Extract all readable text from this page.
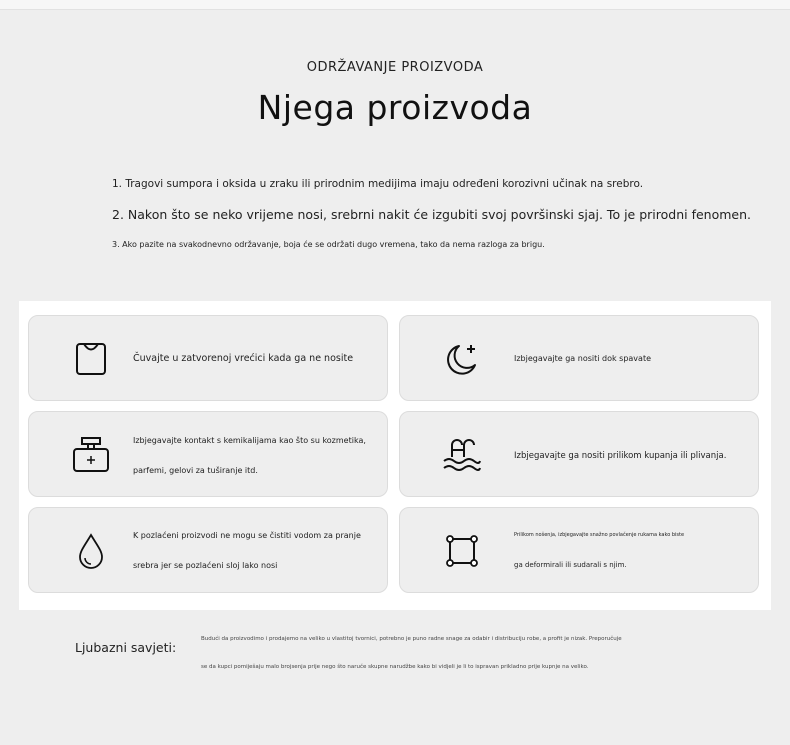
ODRŽAVANJE PROIZVODA
Njega proizvoda

1. Tragovi sumpora i oksida u zraku ili prirodnim medijima imaju određeni korozivni učinak na srebro.

2. Nakon što se neko vrijeme nosi, srebrni nakit će izgubiti svoj površinski sjaj. To je prirodni fenomen.

3. Ako pazite na svakodnevno održavanje, boja će se održati dugo vremena, tako da nema razloga za brigu.

Čuvajte u zatvorenoj vrećici kada ga ne nosite	Izbjegavajte ga nositi dok spavate
Izbjegavajte kontakt s kemikalijama kao što su kozmetika,
parfemi, gelovi za tuširanje itd.
Izbjegavajte ga nositi prilikom kupanja ili plivanja.
K pozlaćeni proizvodi ne mogu se čistiti vodom za pranje
srebra jer se pozlaćeni sloj lako nosi
Prilikom nošenja, izbjegavajte snažno povlačenje rukama kako biste
ga deformirali ili sudarali s njim.
Ljubazni savjeti:
Budući da proizvodimo i prodajemo na veliko u vlastitoj tvornici, potrebno je puno radne snage za odabir i distribuciju robe, a profit je nizak. Preporučuje
se da kupci pomiješaju malo brojsenja prije nego što naruče skupne narudžbe kako bi vidjeli je li to ispravan prikladno prije kupnje na veliko.
